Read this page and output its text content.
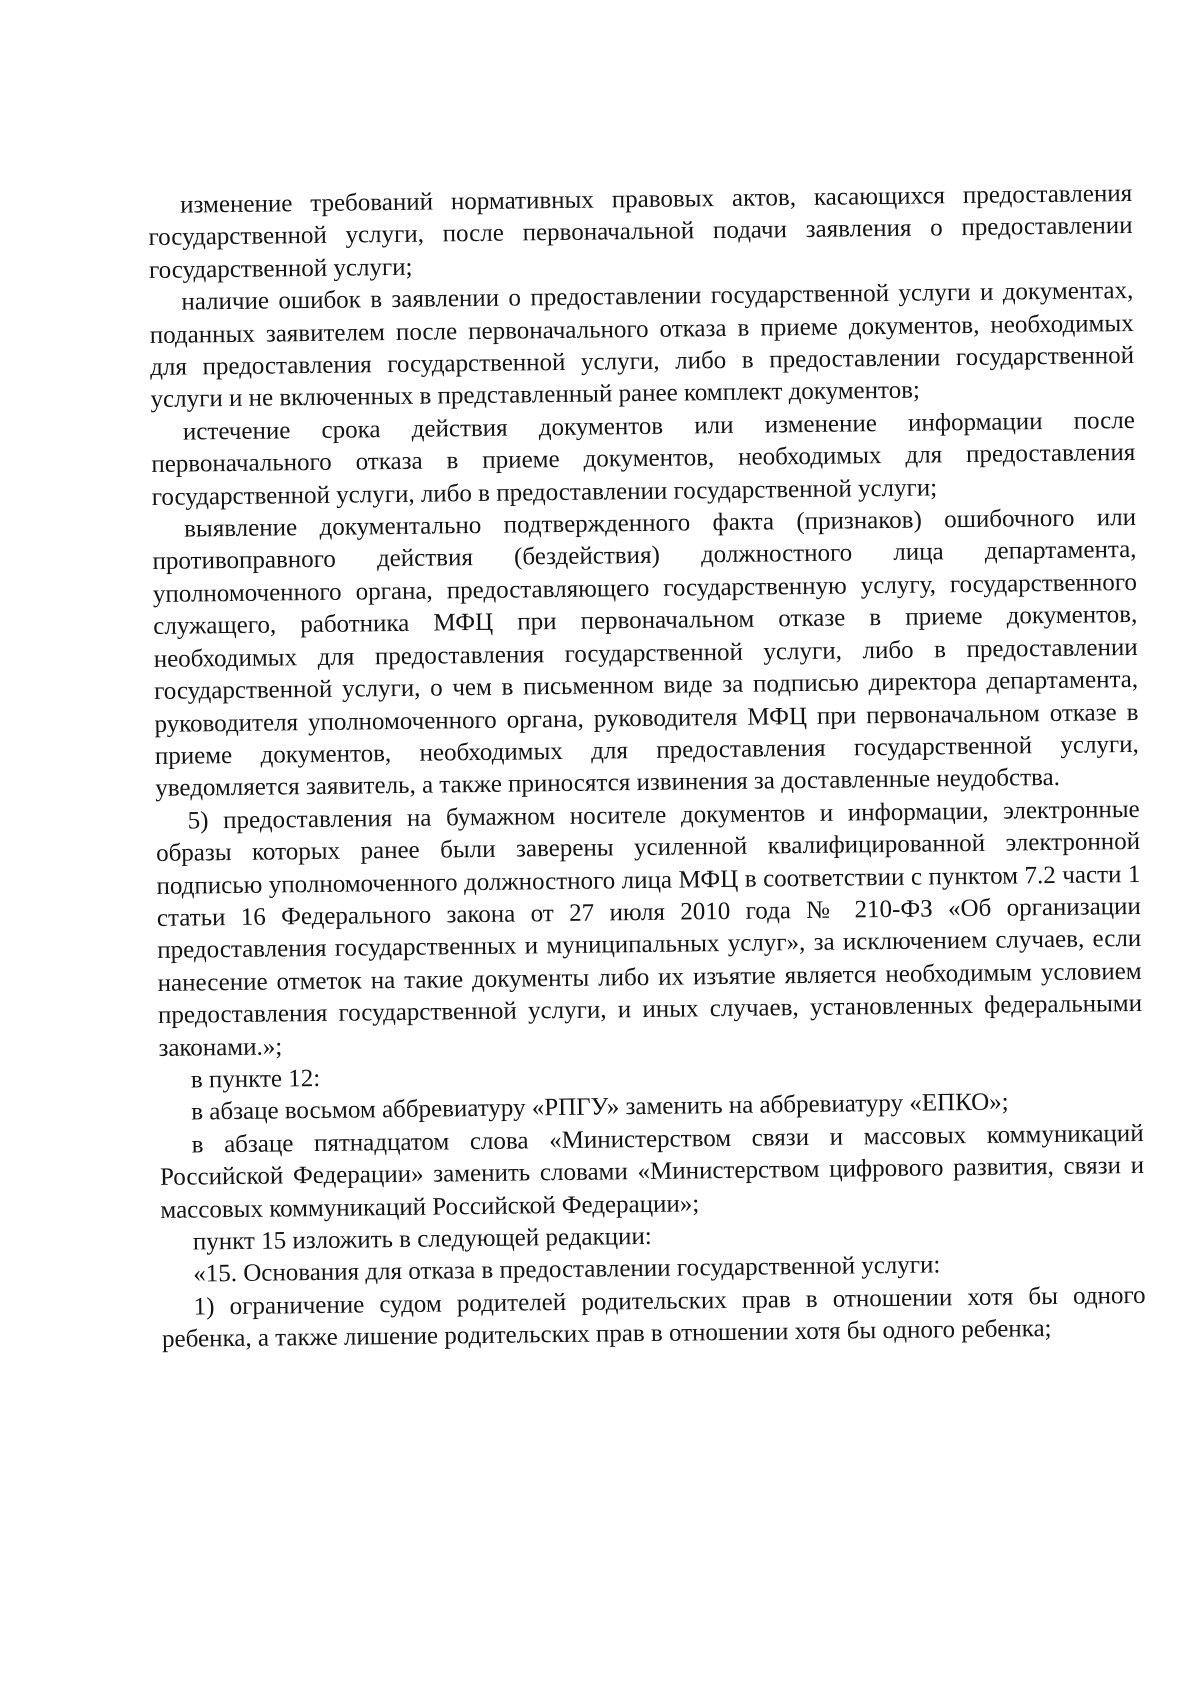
изменение требований нормативных правовых актов, касающихся предоставления государственной услуги, после первоначальной подачи заявления о предоставлении государственной услуги;

наличие ошибок в заявлении о предоставлении государственной услуги и документах, поданных заявителем после первоначального отказа в приеме документов, необходимых для предоставления государственной услуги, либо в предоставлении государственной услуги и не включенных в представленный ранее комплект документов;

истечение срока действия документов или изменение информации после первоначального отказа в приеме документов, необходимых для предоставления государственной услуги, либо в предоставлении государственной услуги;

выявление документально подтвержденного факта (признаков) ошибочного или противоправного действия (бездействия) должностного лица департамента, уполномоченного органа, предоставляющего государственную услугу, государственного служащего, работника МФЦ при первоначальном отказе в приеме документов, необходимых для предоставления государственной услуги, либо в предоставлении государственной услуги, о чем в письменном виде за подписью директора департамента, руководителя уполномоченного органа, руководителя МФЦ при первоначальном отказе в приеме документов, необходимых для предоставления государственной услуги, уведомляется заявитель, а также приносятся извинения за доставленные неудобства.

5) предоставления на бумажном носителе документов и информации, электронные образы которых ранее были заверены усиленной квалифицированной электронной подписью уполномоченного должностного лица МФЦ в соответствии с пунктом 7.2 части 1 статьи 16 Федерального закона от 27 июля 2010 года № 210-ФЗ «Об организации предоставления государственных и муниципальных услуг», за исключением случаев, если нанесение отметок на такие документы либо их изъятие является необходимым условием предоставления государственной услуги, и иных случаев, установленных федеральными законами.»;

в пункте 12:

в абзаце восьмом аббревиатуру «РПГУ» заменить на аббревиатуру «ЕПКО»;

в абзаце пятнадцатом слова «Министерством связи и массовых коммуникаций Российской Федерации» заменить словами «Министерством цифрового развития, связи и массовых коммуникаций Российской Федерации»;

пункт 15 изложить в следующей редакции:

«15. Основания для отказа в предоставлении государственной услуги:

1) ограничение судом родителей родительских прав в отношении хотя бы одного ребенка, а также лишение родительских прав в отношении хотя бы одного ребенка;
